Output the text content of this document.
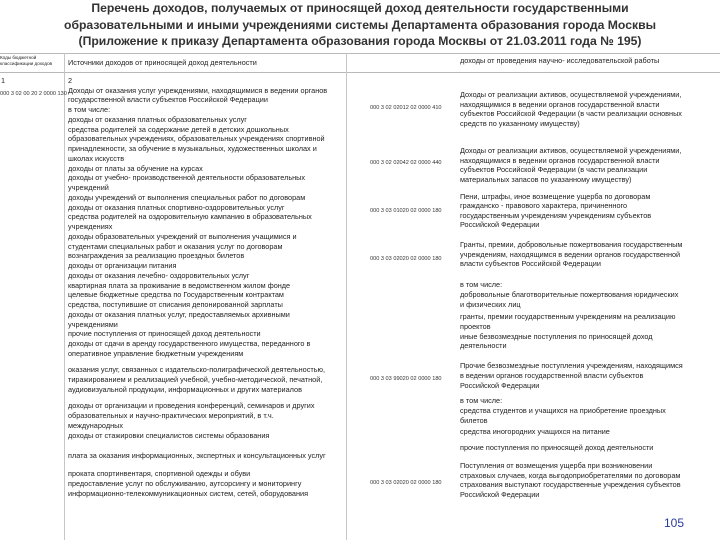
Перечень доходов, получаемых от приносящей доход деятельности государственными
образовательными и иными учреждениями системы Департамента образования города Москвы
(Приложение к приказу Департамента образования города Москвы от 21.03.2011 года № 195)
Коды бюджетной
классификации доходов Источники доходов от приносящей доход деятельности	доходы от проведения научно- исследовательской работы
1	2
000 3 02 00 20 2 0000 130 Доходы от оказания услуг учреждениями, находящимися в ведении органов
государственной власти субъектов Российской Федерации
в том числе:
доходы от оказания платных образовательных услуг
средства родителей за содержание детей в детских дошкольных
образовательных учреждениях, образовательных учреждениях спортивной
принадлежности, за обучение в музыкальных, художественных школах и
школах искусств
доходы от платы за обучение на курсах
доходы от учебно- производственной деятельности образовательных
учреждений
доходы учреждений от выполнения специальных работ по договорам
доходы от оказания платных спортивно-оздоровительных услуг
средства родителей на оздоровительную кампанию в образовательных
учреждениях
доходы образовательных учреждений от выполнения учащимися и
студентами специальных работ и оказания услуг по договорам
вознаграждения за реализацию проездных билетов
доходы от организации питания
доходы от оказания лечебно- оздоровительных услуг
квартирная плата за проживание в ведомственном жилом фонде
целевые бюджетные средства по Государственным контрактам
средства, поступившие от списания депонированной зарплаты
доходы от оказания платных услуг, предоставляемых архивными
учреждениями
прочие поступления от приносящей доход деятельности
доходы от сдачи в аренду государственного имущества, переданного в
оперативное управление бюджетным учреждениям
оказания услуг, связанных с издательско-полиграфической деятельностью,
тиражированием и реализацией учебной, учебно-методической, печатной,
аудиовизуальной продукции, информационных и других материалов
доходы от организации и проведения конференций, семинаров и других
образовательных и научно-практических мероприятий, в т.ч.
международных
доходы от стажировки специалистов системы образования
плата за оказания информационных, экспертных и консультационных услуг
проката спортинвентаря, спортивной одежды и обуви
предоставление услуг по обслуживанию, аутсорсингу и мониторингу
информационно-телекоммуникационных систем, сетей, оборудования
000 3 02 02012 02 0000 410
000 3 02 02042 02 0000 440
000 3 03 01020 02 0000 180
000 3 03 02020 02 0000 180
000 3 03 99020 02 0000 180
000 3 03 02020 02 0000 180
Доходы от реализации активов, осуществляемой учреждениями,
находящимися в ведении органов государственной власти
субъектов Российской Федерации (в части реализации основных
средств по указанному имуществу)
Доходы от реализации активов, осуществляемой учреждениями,
находящимися в ведении органов государственной власти
субъектов Российской Федерации (в части реализации
материальных запасов по указанному имуществу)
Пени, штрафы, иное возмещение ущерба по договорам
гражданско - правового характера, причиненного
государственным учреждениям учреждениям субъектов
Российской Федерации
Гранты, премии, добровольные пожертвования государственным
учреждениям, находящимся в ведении органов государственной
власти субъектов Российской Федерации
в том числе:
добровольные благотворительные пожертвования юридических
и физических лиц
гранты, премии государственным учреждениям на реализацию
проектов
иные безвозмездные поступления по приносящей доход
деятельности
Прочие безвозмездные поступления учреждениям, находящимся
в ведении органов государственной власти субъектов
Российской Федерации
в том числе:
средства студентов и учащихся на приобретение проездных
билетов
средства иногородних учащихся на питание
прочие поступления по приносящей доход деятельности
Поступления от возмещения ущерба при возникновении
страховых случаев, когда выгодоприобретателями по договорам
страхования выступают государственные учреждения субъектов
Российской Федерации
105
